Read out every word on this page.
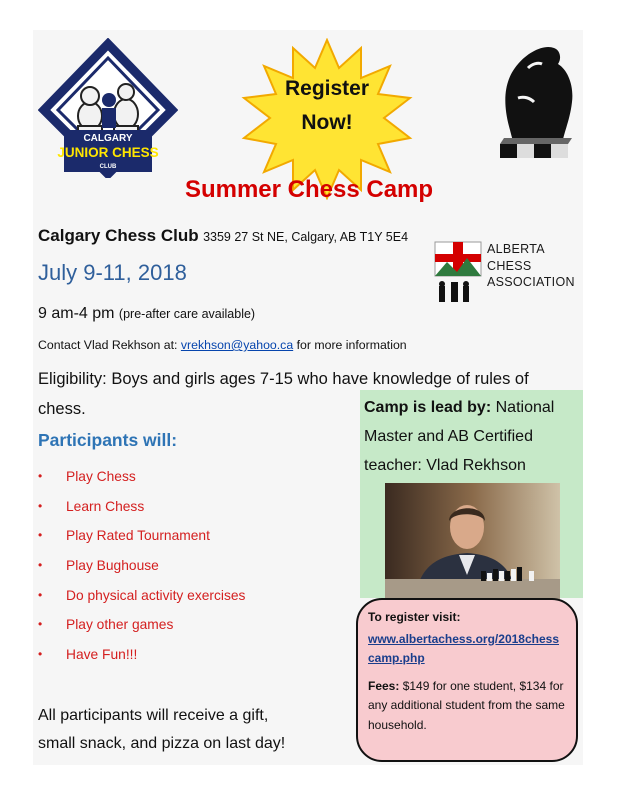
CALGARY
JUNIOR CHESS
CLUB
Register
Now!
Summer Chess Camp
Calgary Chess Club 3359 27 St NE, Calgary, AB T1Y 5E4
ALBERTA
CHESS
ASSOCIATION
July 9-11, 2018
9 am-4 pm (pre-after care available)
Contact Vlad Rekhson at: vrekhson@yahoo.ca for more information
Eligibility: Boys and girls ages 7-15 who have knowledge of rules of chess.	Camp is lead by: National Master and AB Certified teacher: Vlad Rekhson
Participants will:
• Play Chess
• Learn Chess
• Play Rated Tournament
• Play Bughouse
• Do physical activity exercises
• Play other games
• Have Fun!!!
All participants will receive a gift,
small snack, and pizza on last day!
To register visit:
www.albertachess.org/2018chess
camp.php
Fees: $149 for one student, $134 for any additional student from the same household.
